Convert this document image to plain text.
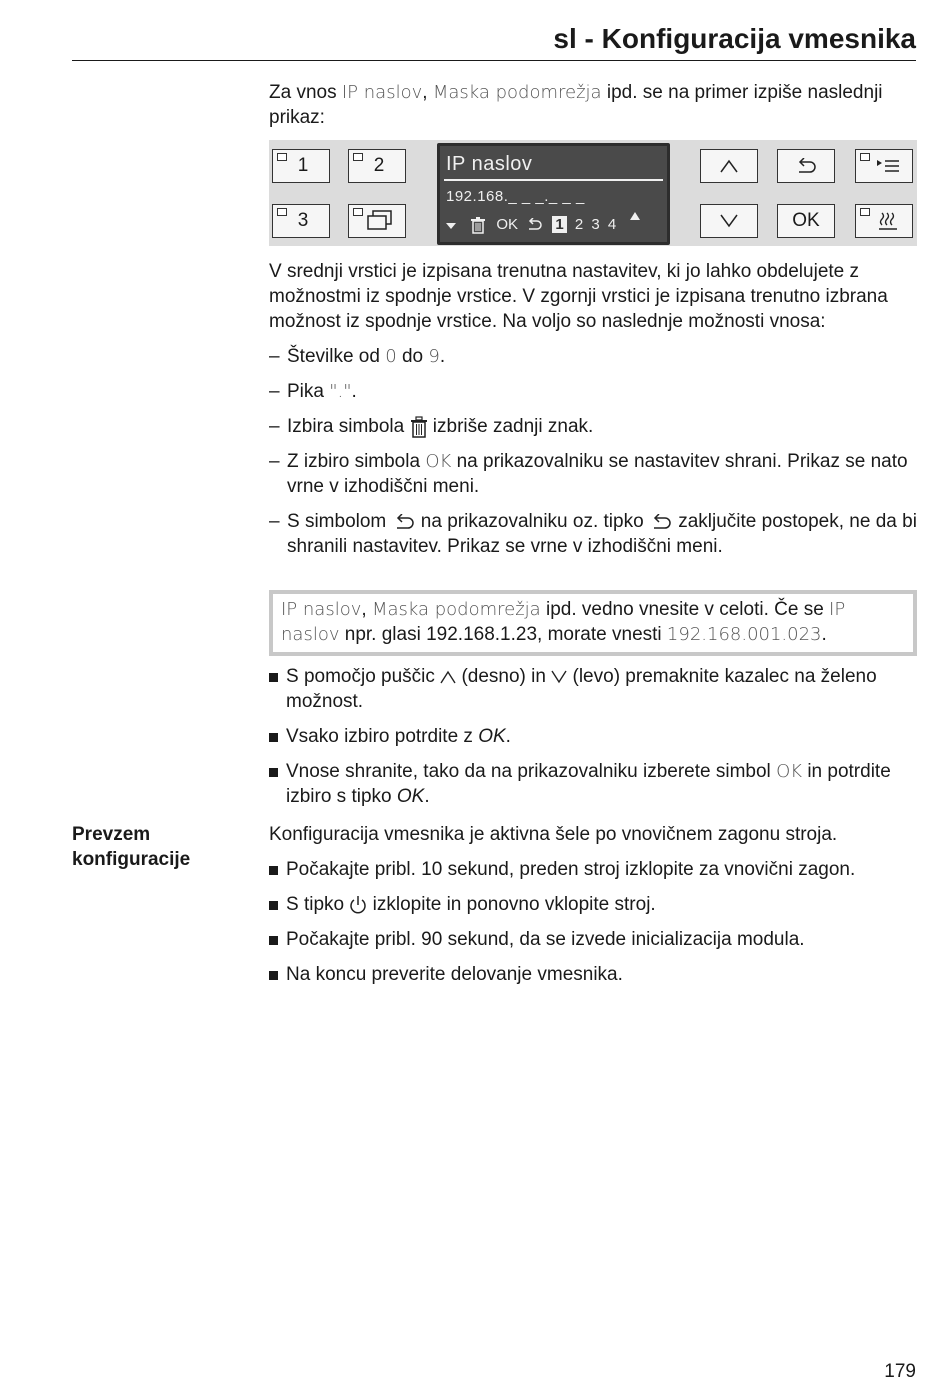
sl - Konfiguracija vmesnika

Za vnos IP naslov, Maska podomrežja ipd. se na primer izpiše naslednji prikaz:

1	2
3
IP naslov
192.168._ _ _._ _ _
OK 1 2 3 4	OK

V srednji vrstici je izpisana trenutna nastavitev, ki jo lahko obdelujete z možnostmi iz spodnje vrstice. V zgornji vrstici je izpisana trenutno izbrana možnost iz spodnje vrstice. Na voljo so naslednje možnosti vnosa:

– Številke od 0 do 9.
– Pika ".".
– Izbira simbola  izbriše zadnji znak.
– Z izbiro simbola OK na prikazovalniku se nastavitev shrani. Prikaz se nato vrne v izhodiščni meni.
– S simbolom  na prikazovalniku oz. tipko  zaključite postopek, ne da bi shranili nastavitev. Prikaz se vrne v izhodiščni meni.
IP naslov, Maska podomrežja ipd. vedno vnesite v celoti. Če se IP naslov npr. glasi 192.168.1.23, morate vnesti 192.168.001.023.
S pomočjo puščic  (desno) in  (levo) premaknite kazalec na želeno možnost.
Vsako izbiro potrdite z OK.
Vnose shranite, tako da na prikazovalniku izberete simbol OK in potrdite izbiro s tipko OK.
Prevzem konfiguracije

Konfiguracija vmesnika je aktivna šele po vnovičnem zagonu stroja.

Počakajte pribl. 10 sekund, preden stroj izklopite za vnovični zagon.
S tipko  izklopite in ponovno vklopite stroj.
Počakajte pribl. 90 sekund, da se izvede inicializacija modula.
Na koncu preverite delovanje vmesnika.
179
